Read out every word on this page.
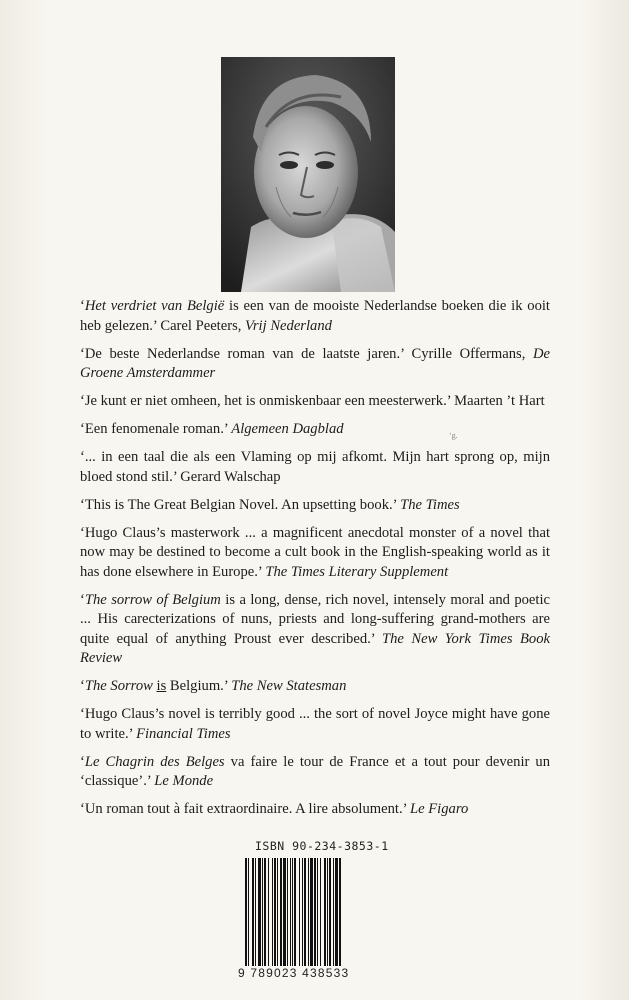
‘Het verdriet van België is een van de mooiste Nederlandse boeken die ik ooit heb gelezen.’ Carel Peeters, Vrij Nederland

‘De beste Nederlandse roman van de laatste jaren.’ Cyrille Offermans, De Groene Amsterdammer

‘Je kunt er niet omheen, het is onmiskenbaar een meesterwerk.’ Maarten ’t Hart

‘Een fenomenale roman.’ Algemeen Dagblad

‘... in een taal die als een Vlaming op mij afkomt. Mijn hart sprong op, mijn bloed stond stil.’ Gerard Walschap

‘This is The Great Belgian Novel. An upsetting book.’ The Times

‘Hugo Claus’s masterwork ... a magnificent anecdotal monster of a novel that now may be destined to become a cult book in the English-speaking world as it has done elsewhere in Europe.’ The Times Literary Supplement

‘The sorrow of Belgium is a long, dense, rich novel, intensely moral and poetic ... His carecterizations of nuns, priests and long-suffering grand-mothers are quite equal of anything Proust ever described.’ The New York Times Book Review

‘The Sorrow is Belgium.’ The New Statesman

‘Hugo Claus’s novel is terribly good ... the sort of novel Joyce might have gone to write.’ Financial Times

‘Le Chagrin des Belges va faire le tour de France et a tout pour devenir un ‘classique’.’ Le Monde

‘Un roman tout à fait extraordinaire. A lire absolument.’ Le Figaro

‘g.
ISBN 90-234-3853-1
9 789023 438533
